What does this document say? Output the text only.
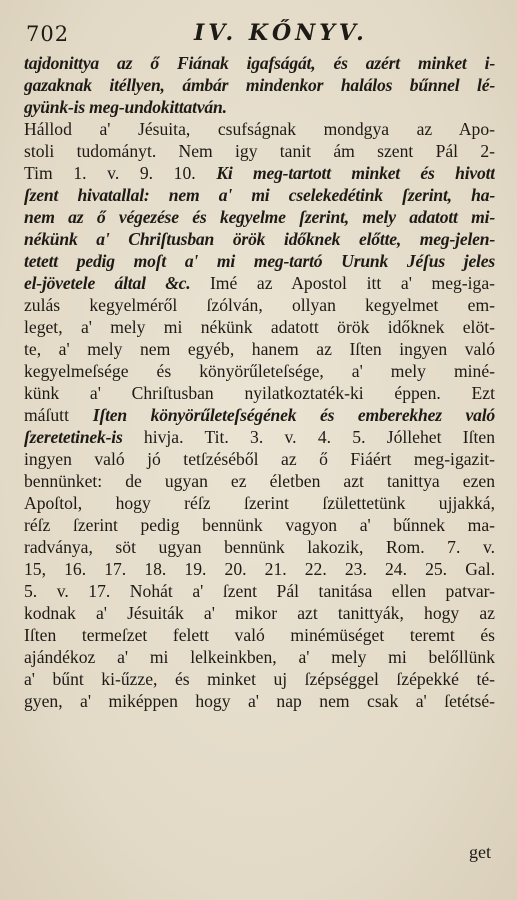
702	IV. KŐNYV.
tajdonittya az ő Fiának igafságát, és azért minket i-
gazaknak itéllyen, ámbár mindenkor halálos bűnnel lé-
gyünk-is meg-undokittatván.
Hállod a' Jésuita, csufságnak mondgya az Apo-
stoli tudományt. Nem igy tanit ám szent Pál 2-
Tim 1. v. 9. 10. Ki meg-tartott minket és hivott
ſzent hivatallal: nem a' mi cselekedétink ſzerint, ha-
nem az ő végezése és kegyelme ſzerint, mely adatott mi-
nékünk a' Chriſtusban örök időknek előtte, meg-jelen-
tetett pedig moſt a' mi meg-tartó Urunk Jéſus jeles
el-jövetele által &c. Imé az Apostol itt a' meg-iga-
zulás kegyelméről ſzólván, ollyan kegyelmet em-
leget, a' mely mi nékünk adatott örök időknek elöt-
te, a' mely nem egyéb, hanem az Iſten ingyen való
kegyelmeſsége és könyörűleteſsége, a' mely miné-
künk a' Chriſtusban nyilatkoztaték-ki éppen. Ezt
máſutt Iſten könyörűleteſségének és emberekhez való
ſzeretetinek-is hivja. Tit. 3. v. 4. 5. Jóllehet Iſten
ingyen való jó tetſzéséből az ő Fiáért meg-igazit-
bennünket: de ugyan ez életben azt tanittya ezen
Apoſtol, hogy réſz ſzerint ſzülettetünk ujjakká,
réſz ſzerint pedig bennünk vagyon a' bűnnek ma-
radványa, söt ugyan bennünk lakozik, Rom. 7. v.
15, 16. 17. 18. 19. 20. 21. 22. 23. 24. 25. Gal.
5. v. 17. Nohát a' ſzent Pál tanitása ellen patvar-
kodnak a' Jésuiták a' mikor azt tanittyák, hogy az
Iſten termeſzet felett való minémüséget teremt és
ajándékoz a' mi lelkeinkben, a' mely mi belőllünk
a' bűnt ki-űzze, és minket uj ſzépséggel ſzépekké té-
gyen, a' miképpen hogy a' nap nem csak a' ſetétsé-
get
